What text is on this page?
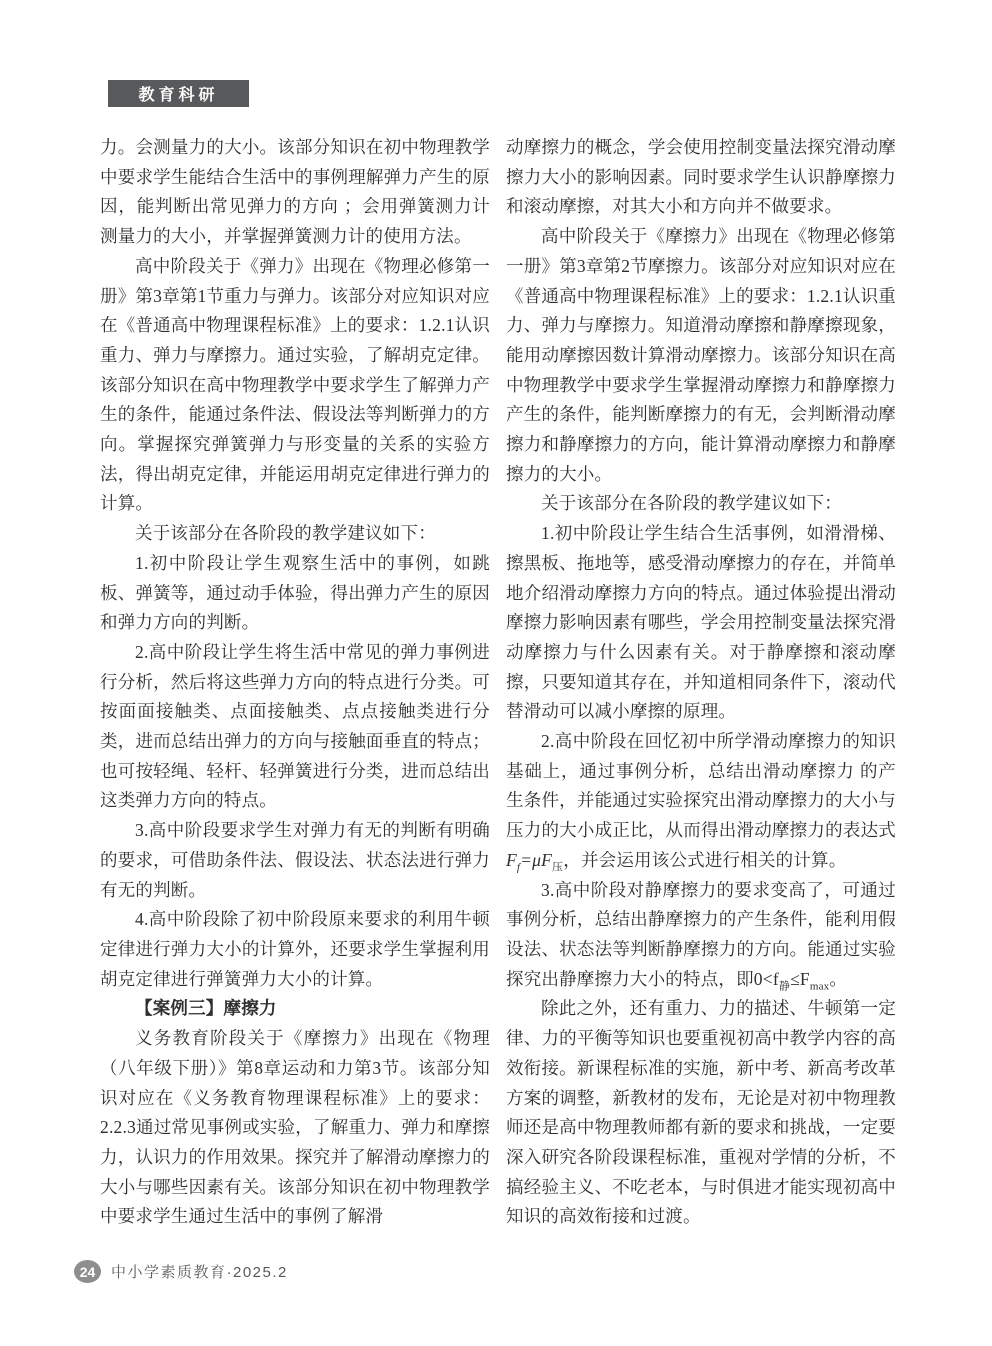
教育科研

力。会测量力的大小。该部分知识在初中物理教学中要求学生能结合生活中的事例理解弹力产生的原因，能判断出常见弹力的方向 ；会用弹簧测力计测量力的大小，并掌握弹簧测力计的使用方法。

高中阶段关于《弹力》出现在《物理必修第一册》第3章第1节重力与弹力。该部分对应知识对应在《普通高中物理课程标准》上的要求：1.2.1认识重力、弹力与摩擦力。通过实验，了解胡克定律。该部分知识在高中物理教学中要求学生了解弹力产生的条件，能通过条件法、假设法等判断弹力的方向。掌握探究弹簧弹力与形变量的关系的实验方法，得出胡克定律，并能运用胡克定律进行弹力的计算。

关于该部分在各阶段的教学建议如下：

1.初中阶段让学生观察生活中的事例，如跳板、弹簧等，通过动手体验，得出弹力产生的原因和弹力方向的判断。

2.高中阶段让学生将生活中常见的弹力事例进行分析，然后将这些弹力方向的特点进行分类。可按面面接触类、点面接触类、点点接触类进行分类，进而总结出弹力的方向与接触面垂直的特点；也可按轻绳、轻杆、轻弹簧进行分类，进而总结出这类弹力方向的特点。

3.高中阶段要求学生对弹力有无的判断有明确的要求，可借助条件法、假设法、状态法进行弹力有无的判断。

4.高中阶段除了初中阶段原来要求的利用牛顿定律进行弹力大小的计算外，还要求学生掌握利用胡克定律进行弹簧弹力大小的计算。

【案例三】摩擦力

义务教育阶段关于《摩擦力》出现在《物理（八年级下册）》第8章运动和力第3节。该部分知识对应在《义务教育物理课程标准》上的要求：2.2.3通过常见事例或实验，了解重力、弹力和摩擦力，认识力的作用效果。探究并了解滑动摩擦力的大小与哪些因素有关。该部分知识在初中物理教学中要求学生通过生活中的事例了解滑

动摩擦力的概念，学会使用控制变量法探究滑动摩擦力大小的影响因素。同时要求学生认识静摩擦力和滚动摩擦，对其大小和方向并不做要求。

高中阶段关于《摩擦力》出现在《物理必修第一册》第3章第2节摩擦力。该部分对应知识对应在《普通高中物理课程标准》上的要求：1.2.1认识重力、弹力与摩擦力。知道滑动摩擦和静摩擦现象，能用动摩擦因数计算滑动摩擦力。该部分知识在高中物理教学中要求学生掌握滑动摩擦力和静摩擦力产生的条件，能判断摩擦力的有无，会判断滑动摩擦力和静摩擦力的方向，能计算滑动摩擦力和静摩擦力的大小。

关于该部分在各阶段的教学建议如下：

1.初中阶段让学生结合生活事例，如滑滑梯、擦黑板、拖地等，感受滑动摩擦力的存在，并简单地介绍滑动摩擦力方向的特点。通过体验提出滑动摩擦力影响因素有哪些，学会用控制变量法探究滑动摩擦力与什么因素有关。对于静摩擦和滚动摩擦，只要知道其存在，并知道相同条件下，滚动代替滑动可以减小摩擦的原理。

2.高中阶段在回忆初中所学滑动摩擦力的知识基础上，通过事例分析，总结出滑动摩擦力 的产生条件，并能通过实验探究出滑动摩擦力的大小与压力的大小成正比，从而得出滑动摩擦力的表达式$F_f=\mu F_压$，并会运用该公式进行相关的计算。

3.高中阶段对静摩擦力的要求变高了，可通过事例分析，总结出静摩擦力的产生条件，能利用假设法、状态法等判断静摩擦力的方向。能通过实验探究出静摩擦力大小的特点，即$0<f_静\le F_{max}$。

除此之外，还有重力、力的描述、牛顿第一定律、力的平衡等知识也要重视初高中教学内容的高效衔接。新课程标准的实施，新中考、新高考改革方案的调整，新教材的发布，无论是对初中物理教师还是高中物理教师都有新的要求和挑战，一定要深入研究各阶段课程标准，重视对学情的分析，不搞经验主义、不吃老本，与时俱进才能实现初高中知识的高效衔接和过渡。

24	中小学素质教育·2025.2
